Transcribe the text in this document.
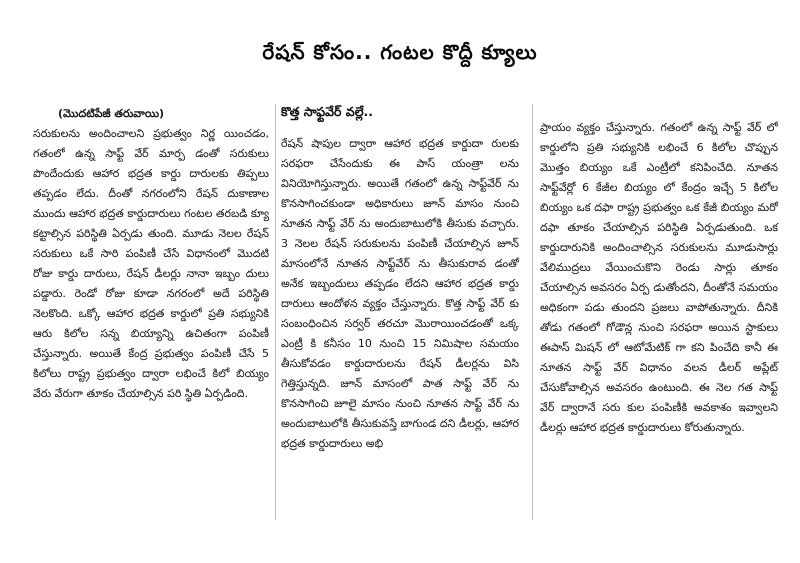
రేషన్ కోసం.. గంటల కొద్దీ క్యూలు
(మొదటిపేజీ తరువాయి)

సరుకులను అందించాలని ప్రభుత్వం నిర్ణ యించడం, గతంలో ఉన్న సాఫ్ట్ వేర్ మార్ప డంతో సరుకులు పొందేందుకు ఆహార భద్రత కార్డు దారులకు తిప్పలు తప్పడం లేదు. దీంతో నగరంలోని రేషన్ దుకాణాల ముందు ఆహార భద్రత కార్డుదారులు గంటల తరబడి క్యూ కట్టాల్సిన పరిస్థితి ఏర్పడు తుంది. మూడు నెలల రేషన్ సరుకులు ఒకే సారి పంపిణీ చేసే విధానంలో మొదటి రోజు కార్డు దారులు, రేషన్ డీలర్లు నానా ఇబ్బం దులు పడ్డారు. రెండో రోజు కూడా నగరంలో అదే పరిస్థితి నెలకొంది. ఒక్కో ఆహార భద్రత కార్డులో ప్రతి సభ్యునికి ఆరు కిలోల సన్న బియ్యాన్ని ఉచితంగా పంపిణీ చేస్తున్నారు. అయితే కేంద్ర ప్రభుత్వం పంపిణీ చేసే 5 కిలోలు రాష్ట్ర ప్రభుత్వం ద్వారా లభించే కిలో బియ్యం వేరు వేరుగా తూకం చేయాల్సిన పరి స్థితి ఏర్పడింది.

కొత్త సాఫ్టవేర్ వల్లే..

రేషన్ షాపుల ద్వారా ఆహార భద్రత కార్డుదా రులకు సరఫరా చేసేందుకు ఈ పాస్ యంత్రా లను వినియోగిస్తున్నారు. అయితే గతంలో ఉన్న సాఫ్ట్‌వేర్ ను కొనసాగించకుండా అధికారులు జూన్ మాసం నుంచి నూతన సాఫ్ట్ వేర్ ను అందుబాటులోకి తీసుకు వచ్చారు. 3 నెలల రేషన్ సరుకులను పంపిణీ చేయాల్సిన జూన్ మాసంలోనే నూతన సాఫ్ట్‌వేర్ ను తీసుకురావ డంతో అనేక ఇబ్బందులు తప్పడం లేదని ఆహార భద్రత కార్డు దారులు ఆందోళన వ్యక్తం చేస్తున్నారు. కొత్త సాఫ్ట్ వేర్ కు సంబంధించిన సర్వర్ తరచూ మొరాయించడంతో ఒక్క ఎంట్రీ కి కనీసం 10 నుంచి 15 నిమిషాల సమయం తీసుకోవడం కార్డుదారులను రేషన్ డీలర్లను విసి గెత్తిస్తున్నది. జూన్ మాసంలో పాత సాఫ్ట్ వేర్ ను కొనసాగించి జూలై మాసం నుంచి నూతన సాఫ్ట్ వేర్ ను అందుబాటులోకి తీసుకువస్తే బాగుండ దని డీలర్లు, ఆహార భద్రత కార్డుదారులు అభి

ప్రాయం వ్యక్తం చేస్తున్నారు. గతంలో ఉన్న సాఫ్ట్ వేర్ లో కార్డులోని ప్రతి సభ్యునికి లభించే 6 కిలోల చొప్పున మొత్తం బియ్యం ఒకే ఎంట్రీలో కనిపించేది. నూతన సాఫ్ట్‌వేర్లో 6 కేజీల బియ్యం లో కేంద్రం ఇచ్చే 5 కిలోల బియ్యం ఒక దఫా రాష్ట్ర ప్రభుత్వం ఒక కేజీ బియ్యం మరో దఫా తూకం చేయాల్సిన పరిస్థితి ఏర్పడుతుంది. ఒక కార్డుదారునికి అందించాల్సిన సరుకులను మూడుసార్లు వేలిముద్రలు వేయించుకొని రెండు సార్లు తూకం చేయాల్సిన అవసరం ఏర్ప డుతోందని, దీంతోనే సమయం అధికంగా పడు తుందని ప్రజలు వాపోతున్నారు. దీనికి తోడు గతంలో గోడౌన్ల నుంచి సరఫరా అయిన స్టాకులు ఈపాస్ మిషన్ లో ఆటోమేటిక్ గా కని పించేది కానీ ఈ నూతన సాఫ్ట్ వేర్ విధానం వలన డీలర్ అప్లేట్ చేసుకోవాల్సిన అవసరం ఉంటుంది. ఈ నెల గత సాఫ్ట్ వేర్ ద్వారానే సరు కుల పంపిణీకి అవకాశం ఇవ్వాలని డీలర్లు ఆహార భద్రత కార్డుదారులు కోరుతున్నారు.
